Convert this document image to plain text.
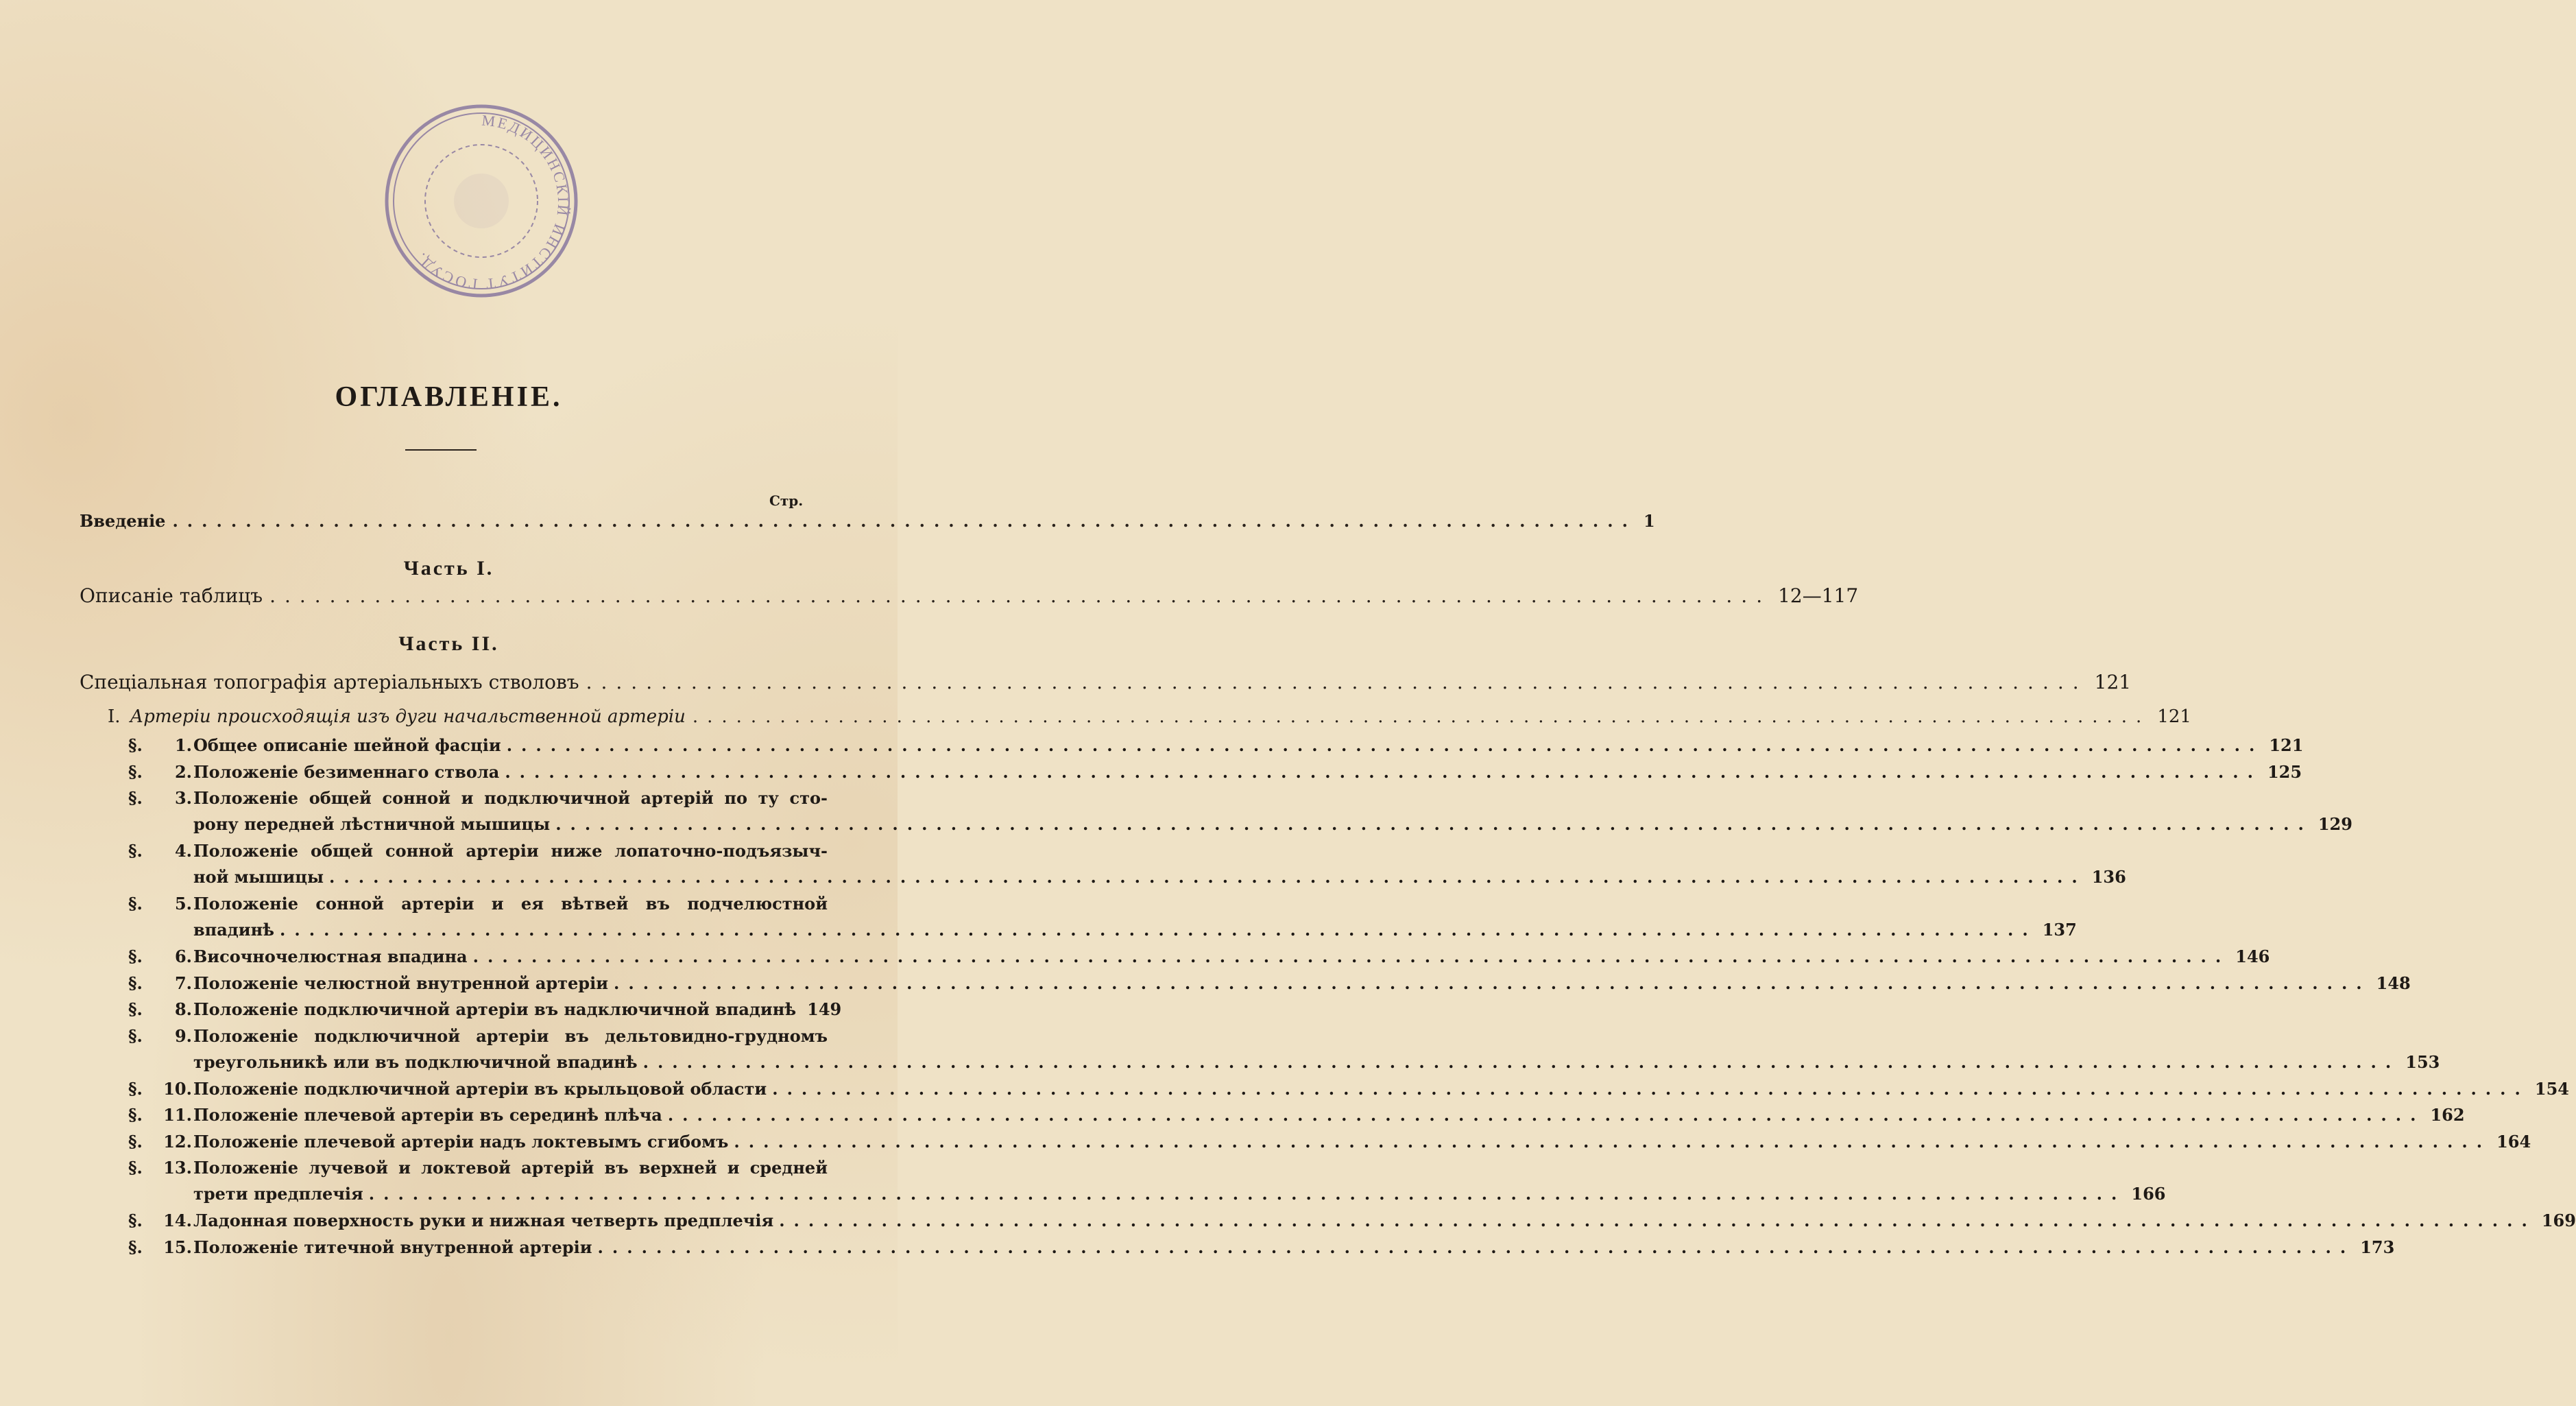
МЕДИЦИНСКІЙ ИНСТИТУТ ГОСУД.
ОГЛАВЛЕНІЕ.
Стр.
Введеніе .................................................................................................... 1
Часть I.
Описаніе таблицъ .................................................................................................... 12—117
Часть II.
Спеціальная топографія артеріальныхъ стволовъ .................................................................................................... 121
I. Артеріи происходящія изъ дуги начальственной артеріи .................................................................................................... 121
§.	1. Общее описаніе шейной фасціи ........................................................................................................................ 121
§.	2. Положеніе безименнаго ствола ........................................................................................................................ 125
§.	3. Положеніе общей сонной и подключичной артерій по ту сто-
рону передней лѣстничной мышицы ........................................................................................................................ 129
§.	4. Положеніе общей сонной артеріи ниже лопаточно-подъязыч-
ной мышицы ........................................................................................................................ 136
§.	5. Положеніе сонной артеріи и ея вѣтвей въ подчелюстной
впадинѣ ........................................................................................................................ 137
§.	6. Височночелюстная впадина ........................................................................................................................ 146
§.	7. Положеніе челюстной внутренной артеріи ........................................................................................................................ 148
§.	8. Положеніе подключичной артеріи въ надключичной впадинѣ 149
§.	9. Положеніе подключичной артеріи въ дельтовидно-грудномъ
треугольникѣ или въ подключичной впадинѣ ........................................................................................................................ 153
§. 10. Положеніе подключичной артеріи въ крыльцовой области ........................................................................................................................ 154
§. 11. Положеніе плечевой артеріи въ серединѣ плѣча ........................................................................................................................ 162
§. 12. Положеніе плечевой артеріи надъ локтевымъ сгибомъ ........................................................................................................................ 164
§. 13. Положеніе лучевой и локтевой артерій въ верхней и средней
трети предплечія ........................................................................................................................ 166
§. 14. Ладонная поверхность руки и нижная четверть предплечія ........................................................................................................................ 169
§. 15. Положеніе титечной внутренной артеріи ........................................................................................................................ 173
